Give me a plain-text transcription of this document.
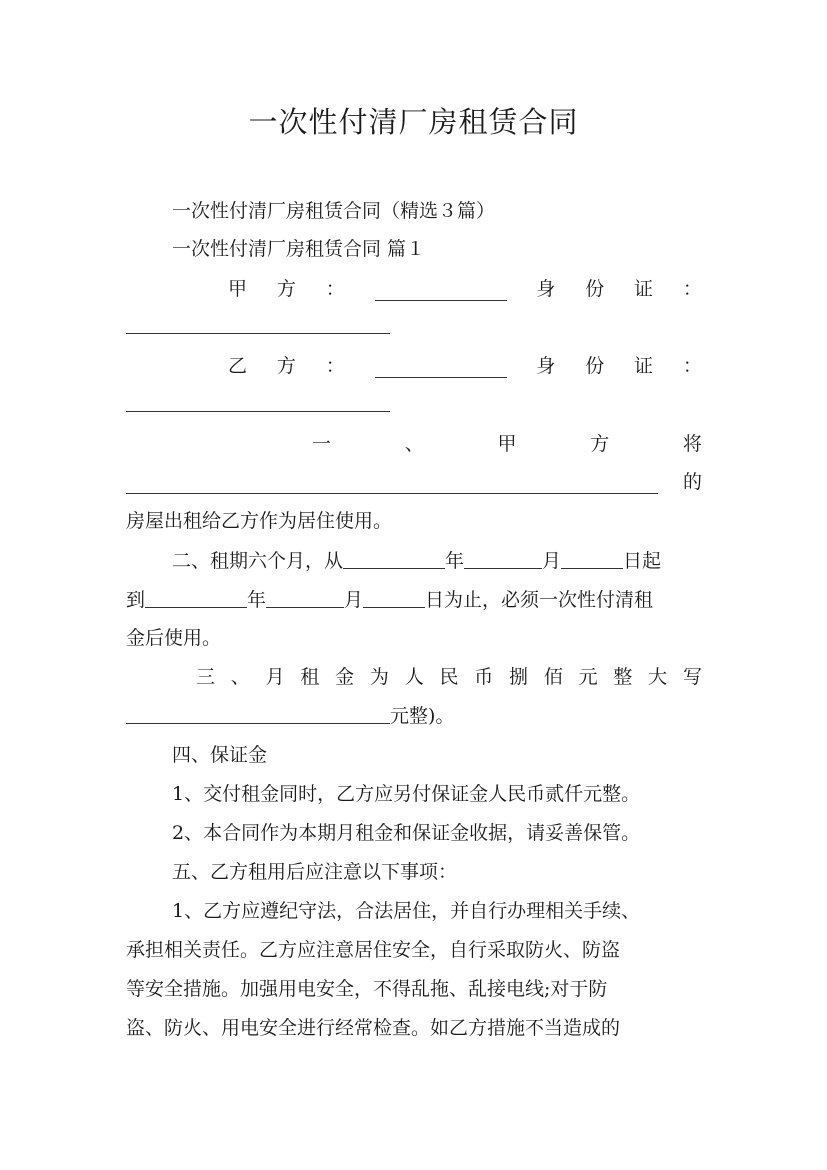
一次性付清厂房租赁合同
一次性付清厂房租赁合同（精选３篇）
一次性付清厂房租赁合同 篇１
甲 方 ：	身 份 证 ：
乙 方 ：	身 份 证 ：
一	、	甲	方	将
的
房屋出租给乙方作为居住使用。
二、租期六个月，从	年	月	日起
到	年	月	日为止，必须一次性付清租
金后使用。
三 、 月 租 金 为 人 民 币 捌 佰 元 整 大 写
元整)。
四、保证金
1、交付租金同时，乙方应另付保证金人民币贰仟元整。
2、本合同作为本期月租金和保证金收据，请妥善保管。
五、乙方租用后应注意以下事项：
1、乙方应遵纪守法，合法居住，并自行办理相关手续、
承担相关责任。乙方应注意居住安全，自行采取防火、防盗
等安全措施。加强用电安全，不得乱拖、乱接电线;对于防
盗、防火、用电安全进行经常检查。如乙方措施不当造成的
